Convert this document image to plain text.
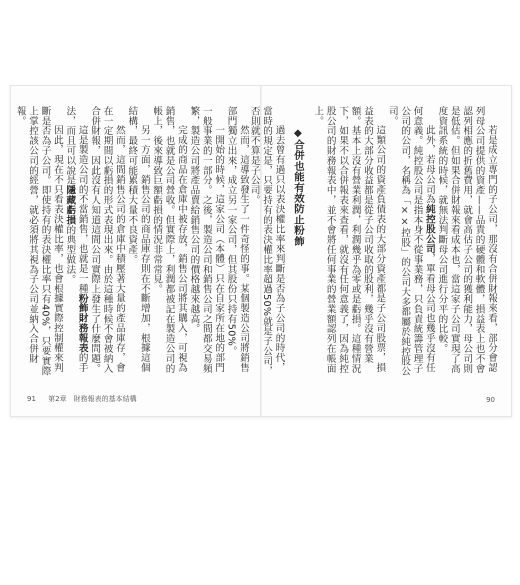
然而，這導致發生了一件奇怪的事。某個製造公司將銷售部門獨立出來，成立另一家公司，但其股份只持有50%。

一開始的時候，這家公司（本體）只在自家所在地的部門一般事業的一部分。之後，製造公司和銷售公司之間都交易頻繁，製造公司將產品賣給銷售公司的價格越來越高。

完成的商品在倉庫中被存放，銷售公司將其購入，可視為銷售，也就是公司營收。但實際上，利潤都被記在製造公司的帳上，後來導致巨額虧損的情況非常常見。

另一方面，銷售公司的商品庫存則在不斷增加，根據這個結構，最終可能累積大量不良資產。

然而，這間銷售公司的倉庫中積壓著大量的產品庫存，會在一定期間以虧損的形式表現出來。由於這種時候不會被納入合併財報，因此沒有人知道這間公司實際上發生了什麼問題。

這是製造公司的不當銷售，也就是一種粉飾財務報表的手法，而且可以說是隱藏虧損的典型做法。

因此，現在不只看表決權比率，也會根據實際控制權來判斷是否為子公司。即使持有的表決權比率只有40%，只要實際上掌控該公司的經營，就必須將其視為子公司並納入合併財報。

91 第2章　財務報表的基本結構

若是成立專門的子公司，那沒有合併財報來看，部分會認列母公司提供的資產——品貴的硬體和軟體，損益表上也不會認列相應的折舊費用，就會高估子公司的獲利能力，母公司則是低估。但如果合併財報來看成本也，當這家子公司實現了高度資訊系統的時候，就無法判斷母公司進行分平的比較。

此外，若母公司為純控股公司，單看母公司也幾乎沒有任何意義。純控股公司是指本身不從事業務，只負責統籌管理子公司的公司，名稱為「××控股」的公司大多都屬於純控股公司。

這類公司的資產負債表的大部分資產都是子公司股票，損益表的大部分收益都是從子公司收取的股利，幾乎沒有營業額。基本上沒有營業利潤，利潤幾乎為零或是虧損。這種情況下，如果不以合併報表來查看，就沒有任何意義了，因為純控股公司的財務報表中，並不會將任何事業的營業額認列在帳面上。

◆合併也能有效防止粉飾

過去曾有過只以表決權比率來判斷是否為子公司的時代，當時的規定是，只要持有的表決權比率超過50%就是子公司，否則就不算是子公司。

90
